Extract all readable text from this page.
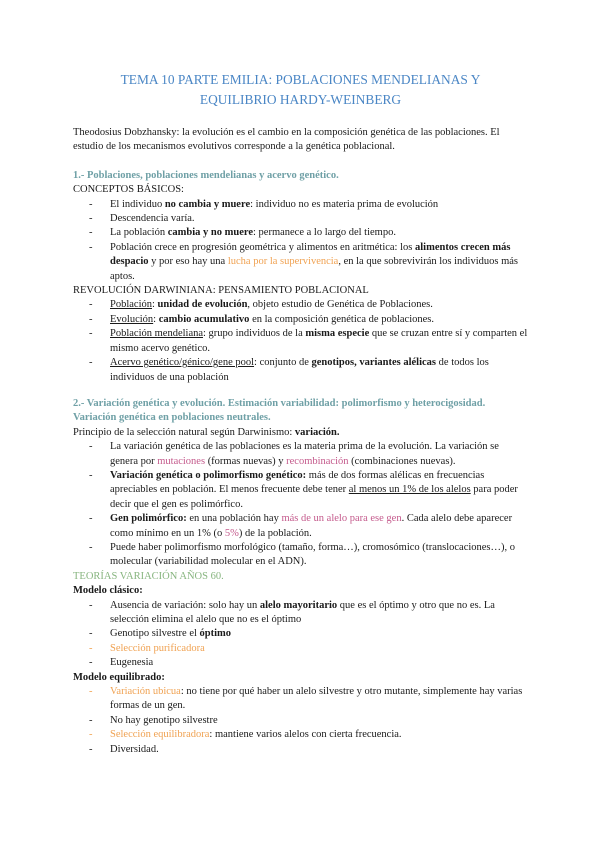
TEMA 10 PARTE EMILIA: POBLACIONES MENDELIANAS Y
EQUILIBRIO HARDY-WEINBERG

Theodosius Dobzhansky: la evolución es el cambio en la composición genética de las poblaciones. El estudio de los mecanismos evolutivos corresponde a la genética poblacional.

1.- Poblaciones, poblaciones mendelianas y acervo genético.

CONCEPTOS BÁSICOS:

- El individuo no cambia y muere: individuo no es materia prima de evolución
- Descendencia varía.
- La población cambia y no muere: permanece a lo largo del tiempo.
- Población crece en progresión geométrica y alimentos en aritmética: los alimentos crecen más despacio y por eso hay una lucha por la supervivencia, en la que sobrevivirán los individuos más aptos.

REVOLUCIÓN DARWINIANA: PENSAMIENTO POBLACIONAL

- Población: unidad de evolución, objeto estudio de Genética de Poblaciones.
- Evolución: cambio acumulativo en la composición genética de poblaciones.
- Población mendeliana: grupo individuos de la misma especie que se cruzan entre sí y comparten el mismo acervo genético.
- Acervo genético/génico/gene pool: conjunto de genotipos, variantes alélicas de todos los individuos de una población

2.- Variación genética y evolución. Estimación variabilidad: polimorfismo y heterocigosidad. Variación genética en poblaciones neutrales.

Principio de la selección natural según Darwinismo: variación.

- La variación genética de las poblaciones es la materia prima de la evolución. La variación se genera por mutaciones (formas nuevas) y recombinación (combinaciones nuevas).
- Variación genética o polimorfismo genético: más de dos formas alélicas en frecuencias apreciables en población. El menos frecuente debe tener al menos un 1% de los alelos para poder decir que el gen es polimórfico.
- Gen polimórfico: en una población hay más de un alelo para ese gen. Cada alelo debe aparecer como mínimo en un 1% (o 5%) de la población.
- Puede haber polimorfismo morfológico (tamaño, forma…), cromosómico (translocaciones…), o molecular (variabilidad molecular en el ADN).

TEORÍAS VARIACIÓN AÑOS 60.

Modelo clásico:

- Ausencia de variación: solo hay un alelo mayoritario que es el óptimo y otro que no es. La selección elimina el alelo que no es el óptimo
- Genotipo silvestre el óptimo
- Selección purificadora
- Eugenesia

Modelo equilibrado:

- Variación ubicua: no tiene por qué haber un alelo silvestre y otro mutante, simplemente hay varias formas de un gen.
- No hay genotipo silvestre
- Selección equilibradora: mantiene varios alelos con cierta frecuencia.
- Diversidad.
